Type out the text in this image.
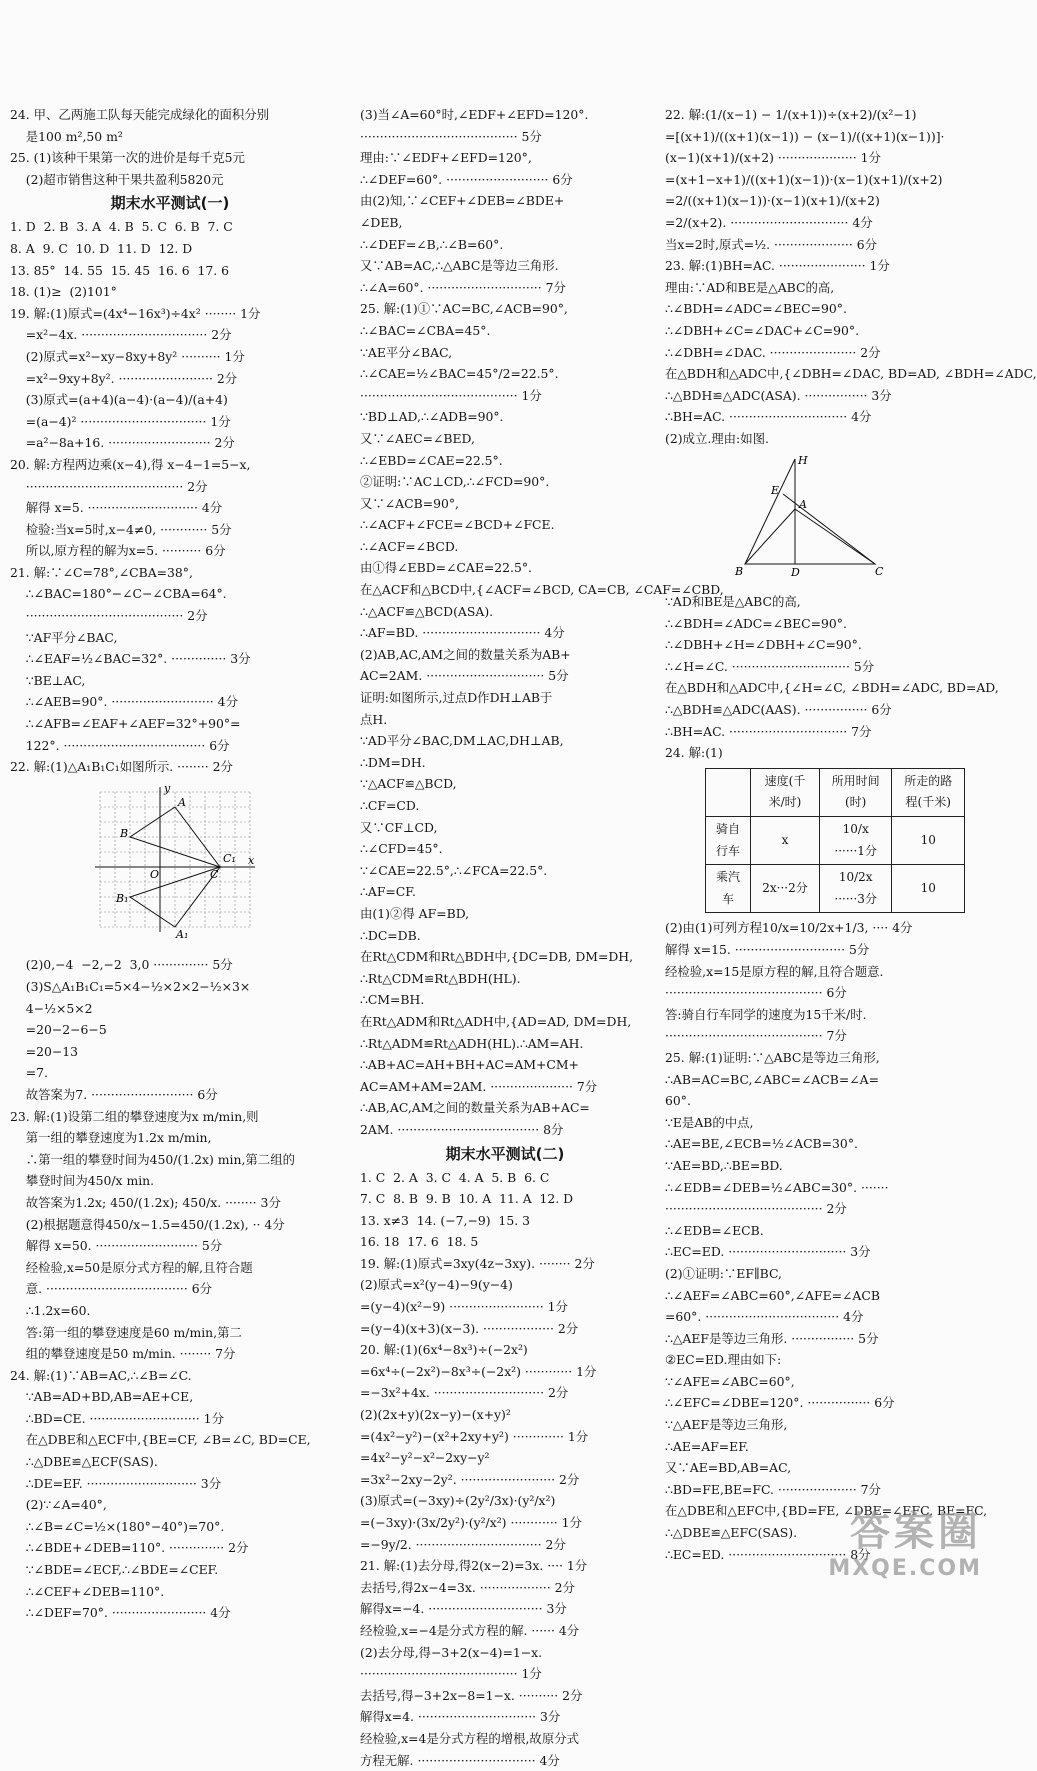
24. 甲、乙两施工队每天能完成绿化的面积分别
是100 m²,50 m²
25. (1)该种干果第一次的进价是每千克5元
(2)超市销售这种干果共盈利5820元
期末水平测试(一)
1. D  2. B  3. A  4. B  5. C  6. B  7. C
8. A  9. C  10. D  11. D  12. D
13. 85°  14. 55  15. 45  16. 6  17. 6
18. (1)≥  (2)101°
19. 解:(1)原式=(4x⁴−16x³)÷4x² ········ 1分
=x²−4x. ································ 2分
(2)原式=x²−xy−8xy+8y² ·········· 1分
=x²−9xy+8y². ························ 2分
(3)原式=(a+4)(a−4)·(a−4)/(a+4)
=(a−4)² ································ 1分
=a²−8a+16. ·························· 2分
20. 解:方程两边乘(x−4),得 x−4−1=5−x,
········································ 2分
解得 x=5. ···························· 4分
检验:当x=5时,x−4≠0, ············ 5分
所以,原方程的解为x=5. ·········· 6分
21. 解:∵∠C=78°,∠CBA=38°,
∴∠BAC=180°−∠C−∠CBA=64°.
········································ 2分
∵AF平分∠BAC,
∴∠EAF=½∠BAC=32°. ·············· 3分
∵BE⊥AC,
∴∠AEB=90°. ·························· 4分
∴∠AFB=∠EAF+∠AEF=32°+90°=
122°. ···································· 6分
22. 解:(1)△A₁B₁C₁如图所示. ········ 2分
y
x
O
A
B
C
A₁
B₁
C₁
(2)0,−4  −2,−2  3,0 ·············· 5分
(3)S△A₁B₁C₁=5×4−½×2×2−½×3×
4−½×5×2
=20−2−6−5
=20−13
=7.
故答案为7. ·························· 6分
23. 解:(1)设第二组的攀登速度为x m/min,则
第一组的攀登速度为1.2x m/min,
∴第一组的攀登时间为450/(1.2x) min,第二组的
攀登时间为450/x min.
故答案为1.2x; 450/(1.2x); 450/x. ········ 3分
(2)根据题意得450/x−1.5=450/(1.2x), ·· 4分
解得 x=50. ·························· 5分
经检验,x=50是原分式方程的解,且符合题
意. ···································· 6分
∴1.2x=60.
答:第一组的攀登速度是60 m/min,第二
组的攀登速度是50 m/min. ········ 7分
24. 解:(1)∵AB=AC,∴∠B=∠C.
∵AB=AD+BD,AB=AE+CE,
∴BD=CE. ···························· 1分
在△DBE和△ECF中,{BE=CF, ∠B=∠C, BD=CE,
∴△DBE≌△ECF(SAS).
∴DE=EF. ···························· 3分
(2)∵∠A=40°,
∴∠B=∠C=½×(180°−40°)=70°.
∴∠BDE+∠DEB=110°. ·············· 2分
∵∠BDE=∠ECF,∴∠BDE=∠CEF.
∴∠CEF+∠DEB=110°.
∴∠DEF=70°. ························ 4分
(3)当∠A=60°时,∠EDF+∠EFD=120°.
········································ 5分
理由:∵∠EDF+∠EFD=120°,
∴∠DEF=60°. ·························· 6分
由(2)知,∵∠CEF+∠DEB=∠BDE+
∠DEB,
∴∠DEF=∠B,∴∠B=60°.
又∵AB=AC,∴△ABC是等边三角形.
∴∠A=60°. ····························· 7分
25. 解:(1)①∵AC=BC,∠ACB=90°,
∴∠BAC=∠CBA=45°.
∵AE平分∠BAC,
∴∠CAE=½∠BAC=45°/2=22.5°.
········································ 1分
∵BD⊥AD,∴∠ADB=90°.
又∵∠AEC=∠BED,
∴∠EBD=∠CAE=22.5°.
②证明:∵AC⊥CD,∴∠FCD=90°.
又∵∠ACB=90°,
∴∠ACF+∠FCE=∠BCD+∠FCE.
∴∠ACF=∠BCD.
由①得∠EBD=∠CAE=22.5°.
在△ACF和△BCD中,{∠ACF=∠BCD, CA=CB, ∠CAF=∠CBD,
∴△ACF≌△BCD(ASA).
∴AF=BD. ······························ 4分
(2)AB,AC,AM之间的数量关系为AB+
AC=2AM. ······························ 5分
证明:如图所示,过点D作DH⊥AB于
点H.
∵AD平分∠BAC,DM⊥AC,DH⊥AB,
∴DM=DH.
∵△ACF≌△BCD,
∴CF=CD.
又∵CF⊥CD,
∴∠CFD=45°.
∵∠CAE=22.5°,∴∠FCA=22.5°.
∴AF=CF.
由(1)②得 AF=BD,
∴DC=DB.
在Rt△CDM和Rt△BDH中,{DC=DB, DM=DH,
∴Rt△CDM≌Rt△BDH(HL).
∴CM=BH.
在Rt△ADM和Rt△ADH中,{AD=AD, DM=DH,
∴Rt△ADM≌Rt△ADH(HL).∴AM=AH.
∴AB+AC=AH+BH+AC=AM+CM+
AC=AM+AM=2AM. ····················· 7分
∴AB,AC,AM之间的数量关系为AB+AC=
2AM. ···································· 8分
期末水平测试(二)
1. C  2. A  3. C  4. A  5. B  6. C
7. C  8. B  9. B  10. A  11. A  12. D
13. x≠3  14. (−7,−9)  15. 3
16. 18  17. 6  18. 5
19. 解:(1)原式=3xy(4z−3xy). ········ 2分
(2)原式=x²(y−4)−9(y−4)
=(y−4)(x²−9) ························ 1分
=(y−4)(x+3)(x−3). ·················· 2分
20. 解:(1)(6x⁴−8x³)÷(−2x²)
=6x⁴÷(−2x²)−8x³÷(−2x²) ············ 1分
=−3x²+4x. ···························· 2分
(2)(2x+y)(2x−y)−(x+y)²
=(4x²−y²)−(x²+2xy+y²) ············· 1分
=4x²−y²−x²−2xy−y²
=3x²−2xy−2y². ························ 2分
(3)原式=(−3xy)÷(2y²/3x)·(y²/x²)
=(−3xy)·(3x/2y²)·(y²/x²) ············ 1分
=−9y/2. ································ 2分
21. 解:(1)去分母,得2(x−2)=3x. ···· 1分
去括号,得2x−4=3x. ·················· 2分
解得x=−4. ····························· 3分
经检验,x=−4是分式方程的解. ······ 4分
(2)去分母,得−3+2(x−4)=1−x.
········································ 1分
去括号,得−3+2x−8=1−x. ·········· 2分
解得x=4. ······························ 3分
经检验,x=4是分式方程的增根,故原分式
方程无解. ······························ 4分
22. 解:(1/(x−1) − 1/(x+1))÷(x+2)/(x²−1)
=[(x+1)/((x+1)(x−1)) − (x−1)/((x+1)(x−1))]·
(x−1)(x+1)/(x+2) ···················· 1分
=(x+1−x+1)/((x+1)(x−1))·(x−1)(x+1)/(x+2)
=2/((x+1)(x−1))·(x−1)(x+1)/(x+2)
=2/(x+2). ······························ 4分
当x=2时,原式=½. ···················· 6分
23. 解:(1)BH=AC. ······················ 1分
理由:∵AD和BE是△ABC的高,
∴∠BDH=∠ADC=∠BEC=90°.
∴∠DBH+∠C=∠DAC+∠C=90°.
∴∠DBH=∠DAC. ······················ 2分
在△BDH和△ADC中,{∠DBH=∠DAC, BD=AD, ∠BDH=∠ADC,
∴△BDH≌△ADC(ASA). ················ 3分
∴BH=AC. ······························ 4分
(2)成立.理由:如图.
H
E
A
B	D	C
∵AD和BE是△ABC的高,
∴∠BDH=∠ADC=∠BEC=90°.
∴∠DBH+∠H=∠DBH+∠C=90°.
∴∠H=∠C. ······························ 5分
在△BDH和△ADC中,{∠H=∠C, ∠BDH=∠ADC, BD=AD,
∴△BDH≌△ADC(AAS). ················ 6分
∴BH=AC. ······························ 7分
24. 解:(1)
	速度(千米/时)	所用时间(时)	所走的路程(千米)
骑自行车	x	10/x ······1分	10
乘汽车	2x···2分	10/2x ······3分	10
(2)由(1)可列方程10/x=10/2x+1/3, ···· 4分
解得 x=15. ···························· 5分
经检验,x=15是原方程的解,且符合题意.
········································ 6分
答:骑自行车同学的速度为15千米/时.
········································ 7分
25. 解:(1)证明:∵△ABC是等边三角形,
∴AB=AC=BC,∠ABC=∠ACB=∠A=
60°.
∵E是AB的中点,
∴AE=BE,∠ECB=½∠ACB=30°.
∵AE=BD,∴BE=BD.
∴∠EDB=∠DEB=½∠ABC=30°. ·······
········································ 2分
∴∠EDB=∠ECB.
∴EC=ED. ······························ 3分
(2)①证明:∵EF∥BC,
∴∠AEF=∠ABC=60°,∠AFE=∠ACB
=60°. ·································· 4分
∴△AEF是等边三角形. ················ 5分
②EC=ED.理由如下:
∵∠AFE=∠ABC=60°,
∴∠EFC=∠DBE=120°. ················ 6分
∵△AEF是等边三角形,
∴AE=AF=EF.
又∵AE=BD,AB=AC,
∴BD=FE,BE=FC. ···················· 7分
在△DBE和△EFC中,{BD=FE, ∠DBE=∠EFC, BE=FC,
∴△DBE≌△EFC(SAS).
∴EC=ED. ······························ 8分
答案圈
MXQE.COM
